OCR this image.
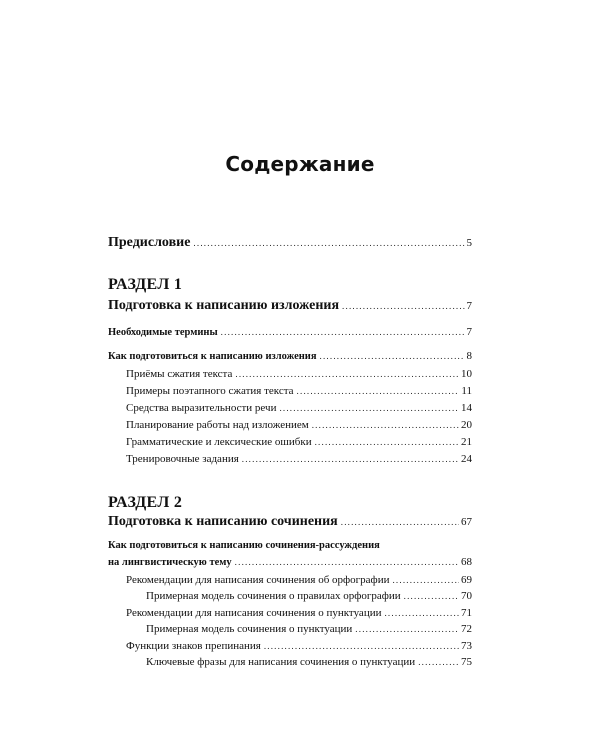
Содержание
Предисловие .....	5
РАЗДЕЛ 1
Подготовка к написанию изложения .....	7
Необходимые термины .....	7
Как подготовиться к написанию изложения .....	8
Приёмы сжатия текста .....	10
Примеры поэтапного сжатия текста .....	11
Средства выразительности речи .....	14
Планирование работы над изложением .....	20
Грамматические и лексические ошибки .....	21
Тренировочные задания .....	24
РАЗДЕЛ 2
Подготовка к написанию сочинения .....	67
Как подготовиться к написанию сочинения-рассуждения
на лингвистическую тему .....	68
Рекомендации для написания сочинения об орфографии .....	69
Примерная модель сочинения о правилах орфографии .....	70
Рекомендации для написания сочинения о пунктуации .....	71
Примерная модель сочинения о пунктуации .....	72
Функции знаков препинания .....	73
Ключевые фразы для написания сочинения о пунктуации .....	75
